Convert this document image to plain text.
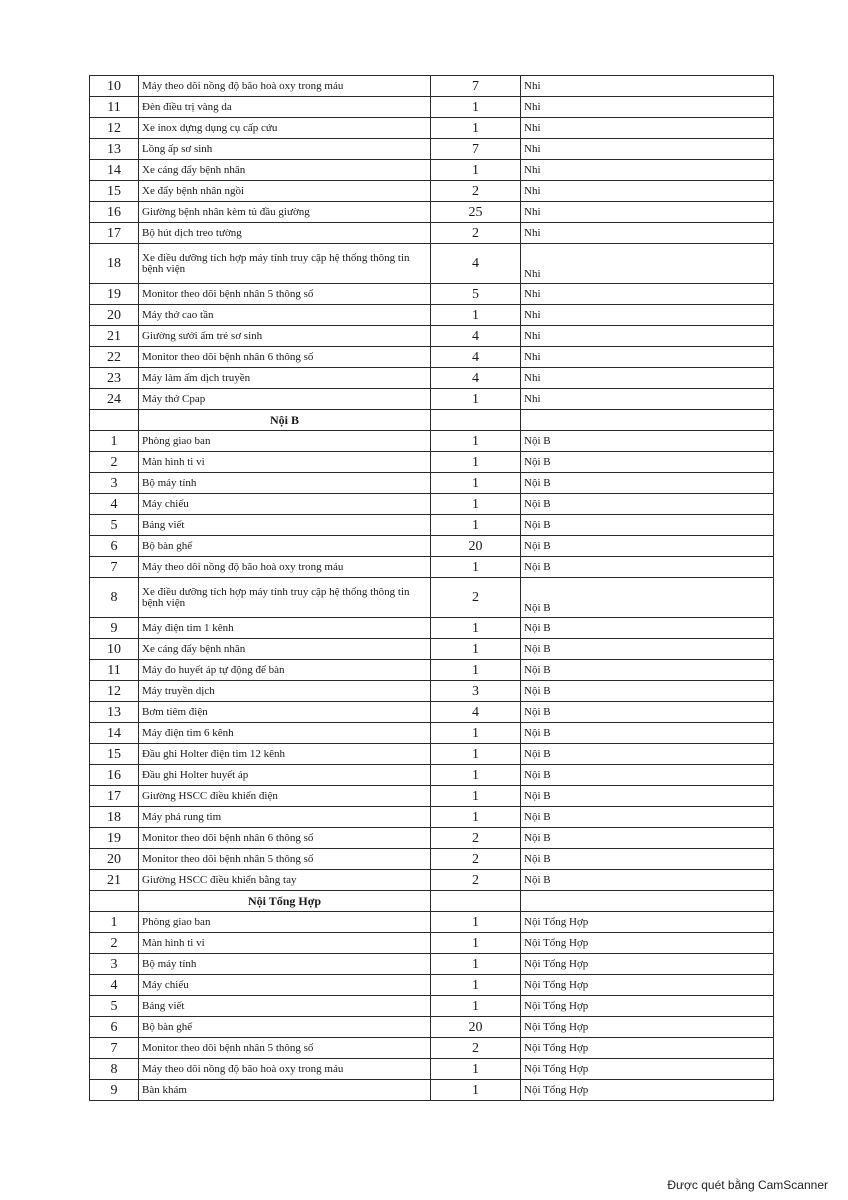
10	Máy theo dõi nồng độ bão hoà oxy trong máu	7	Nhi
11	Đèn điều trị vàng da	1	Nhi
12	Xe inox dựng dụng cụ cấp cứu	1	Nhi
13	Lồng ấp sơ sinh	7	Nhi
14	Xe cáng đẩy bệnh nhân	1	Nhi
15	Xe đẩy bệnh nhân ngồi	2	Nhi
16	Giường bệnh nhân kèm tủ đầu giường	25	Nhi
17	Bộ hút dịch treo tường	2	Nhi
18	Xe điều dưỡng tích hợp máy tính truy cập hệ thống thông tin bệnh viện	4	Nhi
19	Monitor theo dõi bệnh nhân 5 thông số	5	Nhi
20	Máy thở cao tần	1	Nhi
21	Giường sưởi ấm trẻ sơ sinh	4	Nhi
22	Monitor theo dõi bệnh nhân 6 thông số	4	Nhi
23	Máy làm ấm dịch truyền	4	Nhi
24	Máy thở Cpap	1	Nhi
	Nội B		
1	Phòng giao ban	1	Nội B
2	Màn hình ti vi	1	Nội B
3	Bộ máy tính	1	Nội B
4	Máy chiếu	1	Nội B
5	Bảng viết	1	Nội B
6	Bộ bàn ghế	20	Nội B
7	Máy theo dõi nồng độ bão hoà oxy trong máu	1	Nội B
8	Xe điều dưỡng tích hợp máy tính truy cập hệ thống thông tin bệnh viện	2	Nội B
9	Máy điện tim 1 kênh	1	Nội B
10	Xe cáng đẩy bệnh nhân	1	Nội B
11	Máy đo huyết áp tự động để bàn	1	Nội B
12	Máy truyền dịch	3	Nội B
13	Bơm tiêm điện	4	Nội B
14	Máy điện tim 6 kênh	1	Nội B
15	Đầu ghi Holter điện tim 12 kênh	1	Nội B
16	Đầu ghi Holter huyết áp	1	Nội B
17	Giường HSCC điều khiển điện	1	Nội B
18	Máy phá rung tim	1	Nội B
19	Monitor theo dõi bệnh nhân 6 thông số	2	Nội B
20	Monitor theo dõi bệnh nhân 5 thông số	2	Nội B
21	Giường HSCC điều khiển bằng tay	2	Nội B
	Nội Tổng Hợp		
1	Phòng giao ban	1	Nội Tổng Hợp
2	Màn hình ti vi	1	Nội Tổng Hợp
3	Bộ máy tính	1	Nội Tổng Hợp
4	Máy chiếu	1	Nội Tổng Hợp
5	Bảng viết	1	Nội Tổng Hợp
6	Bộ bàn ghế	20	Nội Tổng Hợp
7	Monitor theo dõi bệnh nhân 5 thông số	2	Nội Tổng Hợp
8	Máy theo dõi nồng độ bão hoà oxy trong máu	1	Nội Tổng Hợp
9	Bàn khám	1	Nội Tổng Hợp
Được quét bằng CamScanner
